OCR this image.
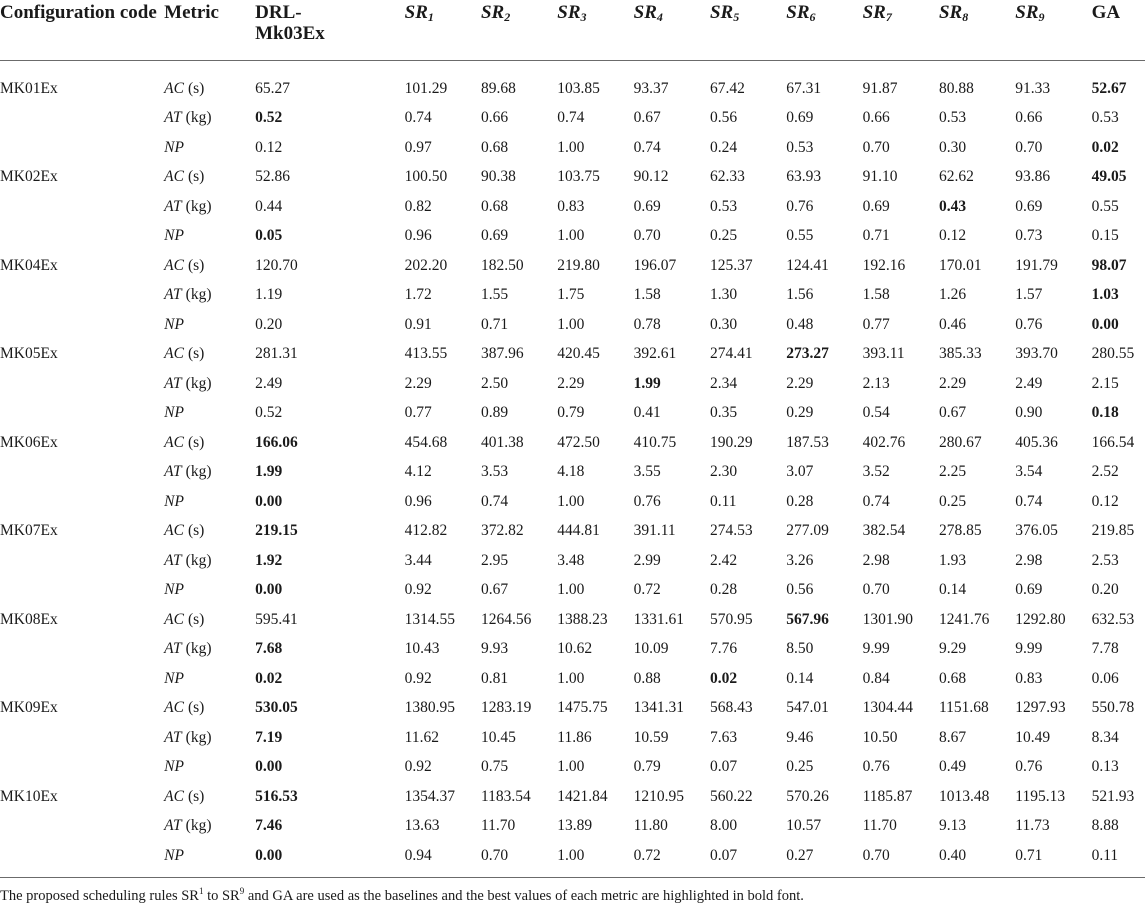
Configuration code	Metric	DRL-Mk03Ex	SR1	SR2	SR3	SR4	SR5	SR6	SR7	SR8	SR9	GA

MK01Ex	AC (s)	65.27	101.29	89.68	103.85	93.37	67.42	67.31	91.87	80.88	91.33	52.67
	AT (kg)	0.52	0.74	0.66	0.74	0.67	0.56	0.69	0.66	0.53	0.66	0.53
	NP	0.12	0.97	0.68	1.00	0.74	0.24	0.53	0.70	0.30	0.70	0.02
MK02Ex	AC (s)	52.86	100.50	90.38	103.75	90.12	62.33	63.93	91.10	62.62	93.86	49.05
	AT (kg)	0.44	0.82	0.68	0.83	0.69	0.53	0.76	0.69	0.43	0.69	0.55
	NP	0.05	0.96	0.69	1.00	0.70	0.25	0.55	0.71	0.12	0.73	0.15
MK04Ex	AC (s)	120.70	202.20	182.50	219.80	196.07	125.37	124.41	192.16	170.01	191.79	98.07
	AT (kg)	1.19	1.72	1.55	1.75	1.58	1.30	1.56	1.58	1.26	1.57	1.03
	NP	0.20	0.91	0.71	1.00	0.78	0.30	0.48	0.77	0.46	0.76	0.00
MK05Ex	AC (s)	281.31	413.55	387.96	420.45	392.61	274.41	273.27	393.11	385.33	393.70	280.55
	AT (kg)	2.49	2.29	2.50	2.29	1.99	2.34	2.29	2.13	2.29	2.49	2.15
	NP	0.52	0.77	0.89	0.79	0.41	0.35	0.29	0.54	0.67	0.90	0.18
MK06Ex	AC (s)	166.06	454.68	401.38	472.50	410.75	190.29	187.53	402.76	280.67	405.36	166.54
	AT (kg)	1.99	4.12	3.53	4.18	3.55	2.30	3.07	3.52	2.25	3.54	2.52
	NP	0.00	0.96	0.74	1.00	0.76	0.11	0.28	0.74	0.25	0.74	0.12
MK07Ex	AC (s)	219.15	412.82	372.82	444.81	391.11	274.53	277.09	382.54	278.85	376.05	219.85
	AT (kg)	1.92	3.44	2.95	3.48	2.99	2.42	3.26	2.98	1.93	2.98	2.53
	NP	0.00	0.92	0.67	1.00	0.72	0.28	0.56	0.70	0.14	0.69	0.20
MK08Ex	AC (s)	595.41	1314.55	1264.56	1388.23	1331.61	570.95	567.96	1301.90	1241.76	1292.80	632.53
	AT (kg)	7.68	10.43	9.93	10.62	10.09	7.76	8.50	9.99	9.29	9.99	7.78
	NP	0.02	0.92	0.81	1.00	0.88	0.02	0.14	0.84	0.68	0.83	0.06
MK09Ex	AC (s)	530.05	1380.95	1283.19	1475.75	1341.31	568.43	547.01	1304.44	1151.68	1297.93	550.78
	AT (kg)	7.19	11.62	10.45	11.86	10.59	7.63	9.46	10.50	8.67	10.49	8.34
	NP	0.00	0.92	0.75	1.00	0.79	0.07	0.25	0.76	0.49	0.76	0.13
MK10Ex	AC (s)	516.53	1354.37	1183.54	1421.84	1210.95	560.22	570.26	1185.87	1013.48	1195.13	521.93
	AT (kg)	7.46	13.63	11.70	13.89	11.80	8.00	10.57	11.70	9.13	11.73	8.88
	NP	0.00	0.94	0.70	1.00	0.72	0.07	0.27	0.70	0.40	0.71	0.11

The proposed scheduling rules $SR^1$ to $SR^9$ and GA are used as the baselines and the best values of each metric are highlighted in bold font.
